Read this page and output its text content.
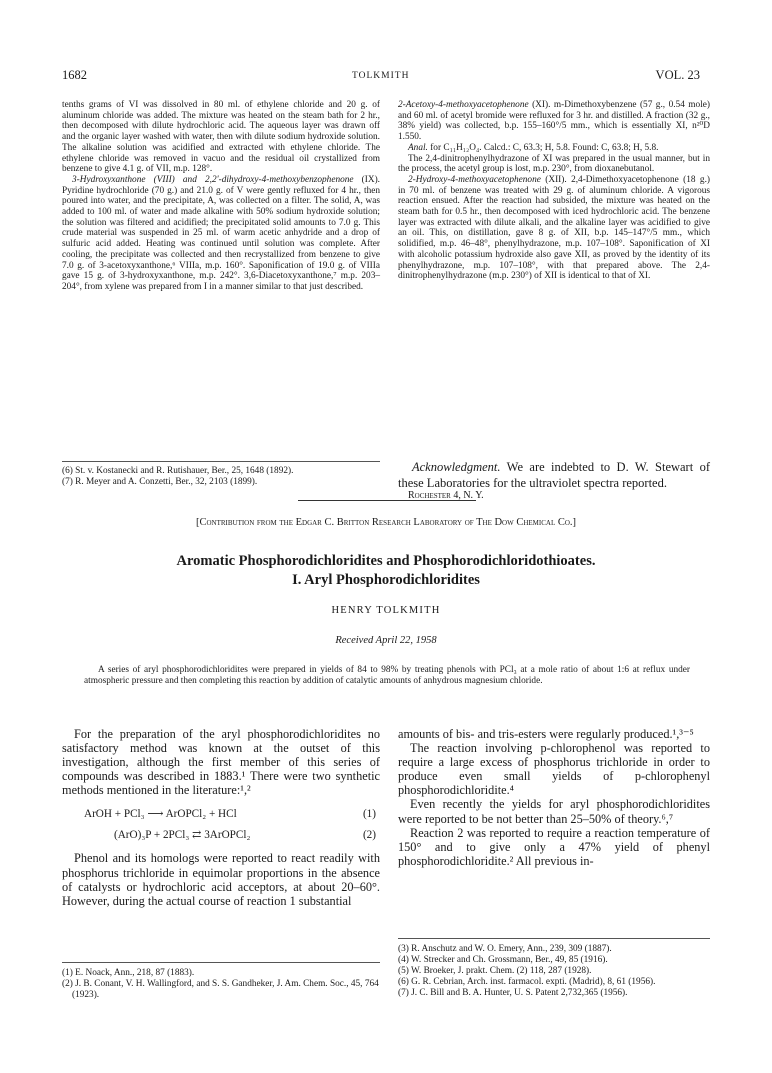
1682	TOLKMITH	VOL. 23

tenths grams of VI was dissolved in 80 ml. of ethylene chloride and 20 g. of aluminum chloride was added. The mixture was heated on the steam bath for 2 hr., then decomposed with dilute hydrochloric acid. The aqueous layer was drawn off and the organic layer washed with water, then with dilute sodium hydroxide solution. The alkaline solution was acidified and extracted with ethylene chloride. The ethylene chloride was removed in vacuo and the residual oil crystallized from benzene to give 4.1 g. of VII, m.p. 128°.

3-Hydroxyxanthone (VIII) and 2,2'-dihydroxy-4-methoxybenzophenone (IX). Pyridine hydrochloride (70 g.) and 21.0 g. of V were gently refluxed for 4 hr., then poured into water, and the precipitate, A, was collected on a filter. The solid, A, was added to 100 ml. of water and made alkaline with 50% sodium hydroxide solution; the solution was filtered and acidified; the precipitated solid amounts to 7.0 g. This crude material was suspended in 25 ml. of warm acetic anhydride and a drop of sulfuric acid added. Heating was continued until solution was complete. After cooling, the precipitate was collected and then recrystallized from benzene to give 7.0 g. of 3-acetoxyxanthone,⁶ VIIIa, m.p. 160°. Saponification of 19.0 g. of VIIIa gave 15 g. of 3-hydroxyxanthone, m.p. 242°. 3,6-Diacetoxyxanthone,⁷ m.p. 203–204°, from xylene was prepared from I in a manner similar to that just described.

(6) St. v. Kostanecki and R. Rutishauer, Ber., 25, 1648 (1892).

(7) R. Meyer and A. Conzetti, Ber., 32, 2103 (1899).

2-Acetoxy-4-methoxyacetophenone (XI). m-Dimethoxybenzene (57 g., 0.54 mole) and 60 ml. of acetyl bromide were refluxed for 3 hr. and distilled. A fraction (32 g., 38% yield) was collected, b.p. 155–160°/5 mm., which is essentially XI, n²⁰D 1.550.

Anal. for C₁₁H₁₂O₄. Calcd.: C, 63.3; H, 5.8. Found: C, 63.8; H, 5.8.

The 2,4-dinitrophenylhydrazone of XI was prepared in the usual manner, but in the process, the acetyl group is lost, m.p. 230°, from dioxanebutanol.

2-Hydroxy-4-methoxyacetophenone (XII). 2,4-Dimethoxyacetophenone (18 g.) in 70 ml. of benzene was treated with 29 g. of aluminum chloride. A vigorous reaction ensued. After the reaction had subsided, the mixture was heated on the steam bath for 0.5 hr., then decomposed with iced hydrochloric acid. The benzene layer was extracted with dilute alkali, and the alkaline layer was acidified to give an oil. This, on distillation, gave 8 g. of XII, b.p. 145–147°/5 mm., which solidified, m.p. 46–48°, phenylhydrazone, m.p. 107–108°. Saponification of XI with alcoholic potassium hydroxide also gave XII, as proved by the identity of its phenylhydrazone, m.p. 107–108°, with that prepared above. The 2,4-dinitrophenylhydrazone (m.p. 230°) of XII is identical to that of XI.

Acknowledgment. We are indebted to D. W. Stewart of these Laboratories for the ultraviolet spectra reported.
Rochester 4, N. Y.
[Contribution from the Edgar C. Britton Research Laboratory of The Dow Chemical Co.]
Aromatic Phosphorodichloridites and Phosphorodichloridothioates.
I. Aryl Phosphorodichloridites
HENRY TOLKMITH
Received April 22, 1958
A series of aryl phosphorodichloridites were prepared in yields of 84 to 98% by treating phenols with PCl₃ at a mole ratio of about 1:6 at reflux under atmospheric pressure and then completing this reaction by addition of catalytic amounts of anhydrous magnesium chloride.

For the preparation of the aryl phosphorodichloridites no satisfactory method was known at the outset of this investigation, although the first member of this series of compounds was described in 1883.¹ There were two synthetic methods mentioned in the literature:¹,²

ArOH + PCl₃ ⟶ ArOPCl₂ + HCl	(1)
(ArO)₃P + 2PCl₃ ⇄ 3ArOPCl₂	(2)

Phenol and its homologs were reported to react readily with phosphorus trichloride in equimolar proportions in the absence of catalysts or hydrochloric acid acceptors, at about 20–60°. However, during the actual course of reaction 1 substantial

amounts of bis- and tris-esters were regularly produced.¹,³⁻⁵

The reaction involving p-chlorophenol was reported to require a large excess of phosphorus trichloride in order to produce even small yields of p-chlorophenyl phosphorodichloridite.⁴

Even recently the yields for aryl phosphorodichloridites were reported to be not better than 25–50% of theory.⁶,⁷

Reaction 2 was reported to require a reaction temperature of 150° and to give only a 47% yield of phenyl phosphorodichloridite.² All previous in-

(1) E. Noack, Ann., 218, 87 (1883).

(2) J. B. Conant, V. H. Wallingford, and S. S. Gandheker, J. Am. Chem. Soc., 45, 764 (1923).

(3) R. Anschutz and W. O. Emery, Ann., 239, 309 (1887).

(4) W. Strecker and Ch. Grossmann, Ber., 49, 85 (1916).

(5) W. Broeker, J. prakt. Chem. (2) 118, 287 (1928).

(6) G. R. Cebrian, Arch. inst. farmacol. expti. (Madrid), 8, 61 (1956).

(7) J. C. Bill and B. A. Hunter, U. S. Patent 2,732,365 (1956).
